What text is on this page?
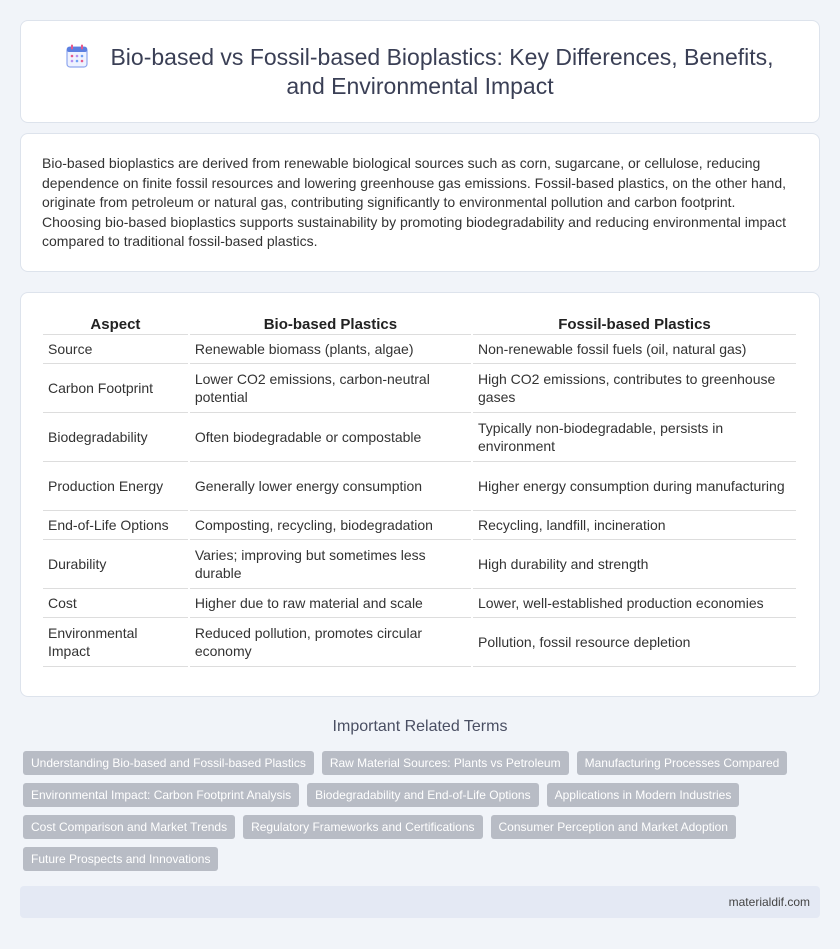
Bio-based vs Fossil-based Bioplastics: Key Differences, Benefits, and Environmental Impact

Bio-based bioplastics are derived from renewable biological sources such as corn, sugarcane, or cellulose, reducing dependence on finite fossil resources and lowering greenhouse gas emissions. Fossil-based plastics, on the other hand, originate from petroleum or natural gas, contributing significantly to environmental pollution and carbon footprint. Choosing bio-based bioplastics supports sustainability by promoting biodegradability and reducing environmental impact compared to traditional fossil-based plastics.

Aspect	Bio-based Plastics	Fossil-based Plastics
Source	Renewable biomass (plants, algae)	Non-renewable fossil fuels (oil, natural gas)
Carbon Footprint	Lower CO2 emissions, carbon-neutral potential	High CO2 emissions, contributes to greenhouse gases
Biodegradability	Often biodegradable or compostable	Typically non-biodegradable, persists in environment
Production Energy	Generally lower energy consumption	Higher energy consumption during manufacturing
End-of-Life Options	Composting, recycling, biodegradation	Recycling, landfill, incineration
Durability	Varies; improving but sometimes less durable	High durability and strength
Cost	Higher due to raw material and scale	Lower, well-established production economies
Environmental Impact	Reduced pollution, promotes circular economy	Pollution, fossil resource depletion
Important Related Terms
Understanding Bio-based and Fossil-based Plastics	Raw Material Sources: Plants vs Petroleum	Manufacturing Processes Compared
Environmental Impact: Carbon Footprint Analysis	Biodegradability and End-of-Life Options	Applications in Modern Industries
Cost Comparison and Market Trends	Regulatory Frameworks and Certifications	Consumer Perception and Market Adoption
Future Prospects and Innovations
materialdif.com
